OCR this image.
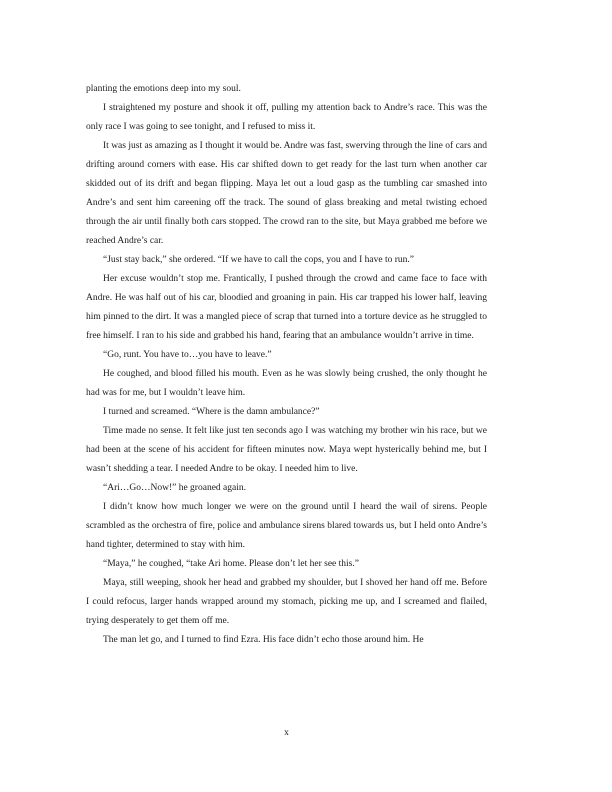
planting the emotions deep into my soul.

I straightened my posture and shook it off, pulling my attention back to Andre’s race. This was the only race I was going to see tonight, and I refused to miss it.

It was just as amazing as I thought it would be. Andre was fast, swerving through the line of cars and drifting around corners with ease. His car shifted down to get ready for the last turn when another car skidded out of its drift and began flipping. Maya let out a loud gasp as the tumbling car smashed into Andre’s and sent him careening off the track. The sound of glass breaking and metal twisting echoed through the air until finally both cars stopped. The crowd ran to the site, but Maya grabbed me before we reached Andre’s car.

“Just stay back,” she ordered. “If we have to call the cops, you and I have to run.”

Her excuse wouldn’t stop me. Frantically, I pushed through the crowd and came face to face with Andre. He was half out of his car, bloodied and groaning in pain. His car trapped his lower half, leaving him pinned to the dirt. It was a mangled piece of scrap that turned into a torture device as he struggled to free himself. I ran to his side and grabbed his hand, fearing that an ambulance wouldn’t arrive in time.

“Go, runt. You have to…you have to leave.”

He coughed, and blood filled his mouth. Even as he was slowly being crushed, the only thought he had was for me, but I wouldn’t leave him.

I turned and screamed. “Where is the damn ambulance?”

Time made no sense. It felt like just ten seconds ago I was watching my brother win his race, but we had been at the scene of his accident for fifteen minutes now. Maya wept hysterically behind me, but I wasn’t shedding a tear. I needed Andre to be okay. I needed him to live.

“Ari…Go…Now!” he groaned again.

I didn’t know how much longer we were on the ground until I heard the wail of sirens. People scrambled as the orchestra of fire, police and ambulance sirens blared towards us, but I held onto Andre’s hand tighter, determined to stay with him.

“Maya,” he coughed, “take Ari home. Please don’t let her see this.”

Maya, still weeping, shook her head and grabbed my shoulder, but I shoved her hand off me. Before I could refocus, larger hands wrapped around my stomach, picking me up, and I screamed and flailed, trying desperately to get them off me.

The man let go, and I turned to find Ezra. His face didn’t echo those around him. He

x
